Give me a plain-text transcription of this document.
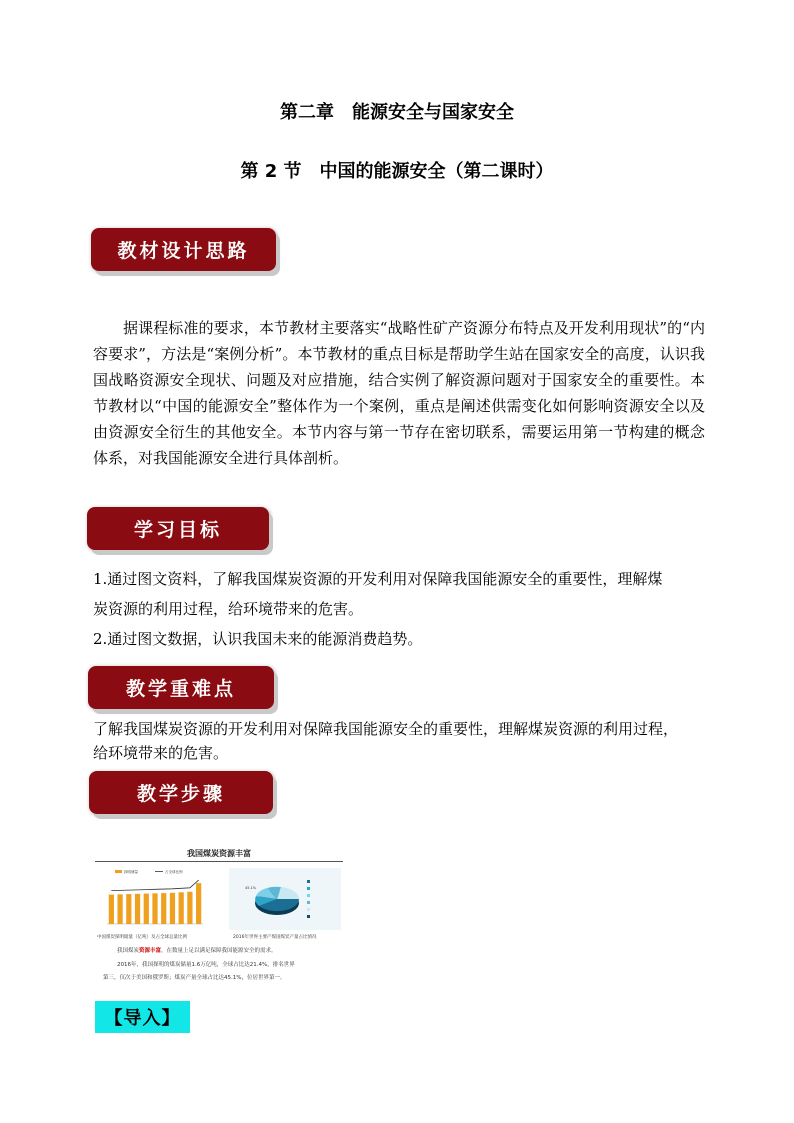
第二章　能源安全与国家安全
第 2 节　中国的能源安全（第二课时）
教材设计思路

据课程标准的要求，本节教材主要落实“战略性矿产资源分布特点及开发利用现状”的“内容要求”，方法是“案例分析”。本节教材的重点目标是帮助学生站在国家安全的高度，认识我国战略资源安全现状、问题及对应措施，结合实例了解资源问题对于国家安全的重要性。本节教材以“中国的能源安全”整体作为一个案例，重点是阐述供需变化如何影响资源安全以及由资源安全衍生的其他安全。本节内容与第一节存在密切联系，需要运用第一节构建的概念体系，对我国能源安全进行具体剖析。

学习目标
1.通过图文资料，了解我国煤炭资源的开发利用对保障我国能源安全的重要性，理解煤
炭资源的利用过程，给环境带来的危害。
2.通过图文数据，认识我国未来的能源消费趋势。
教学重难点
了解我国煤炭资源的开发利用对保障我国能源安全的重要性，理解煤炭资源的利用过程，
给环境带来的危害。
教学步骤
我国煤炭资源丰富
探明储量	占全球比例
中国煤炭探明储量（亿吨）及占全球总量比例
45.1%
2016年世界主要产煤国煤炭产量占比情况
我国煤炭资源丰富，在数量上足以满足保障我国能源安全的需求。
2016年，我国探明的煤炭储量1.6万亿吨，全球占比达21.4%，排名世界
第三，仅次于美国和俄罗斯；煤炭产量全球占比达45.1%，位居世界第一。
【导入】
